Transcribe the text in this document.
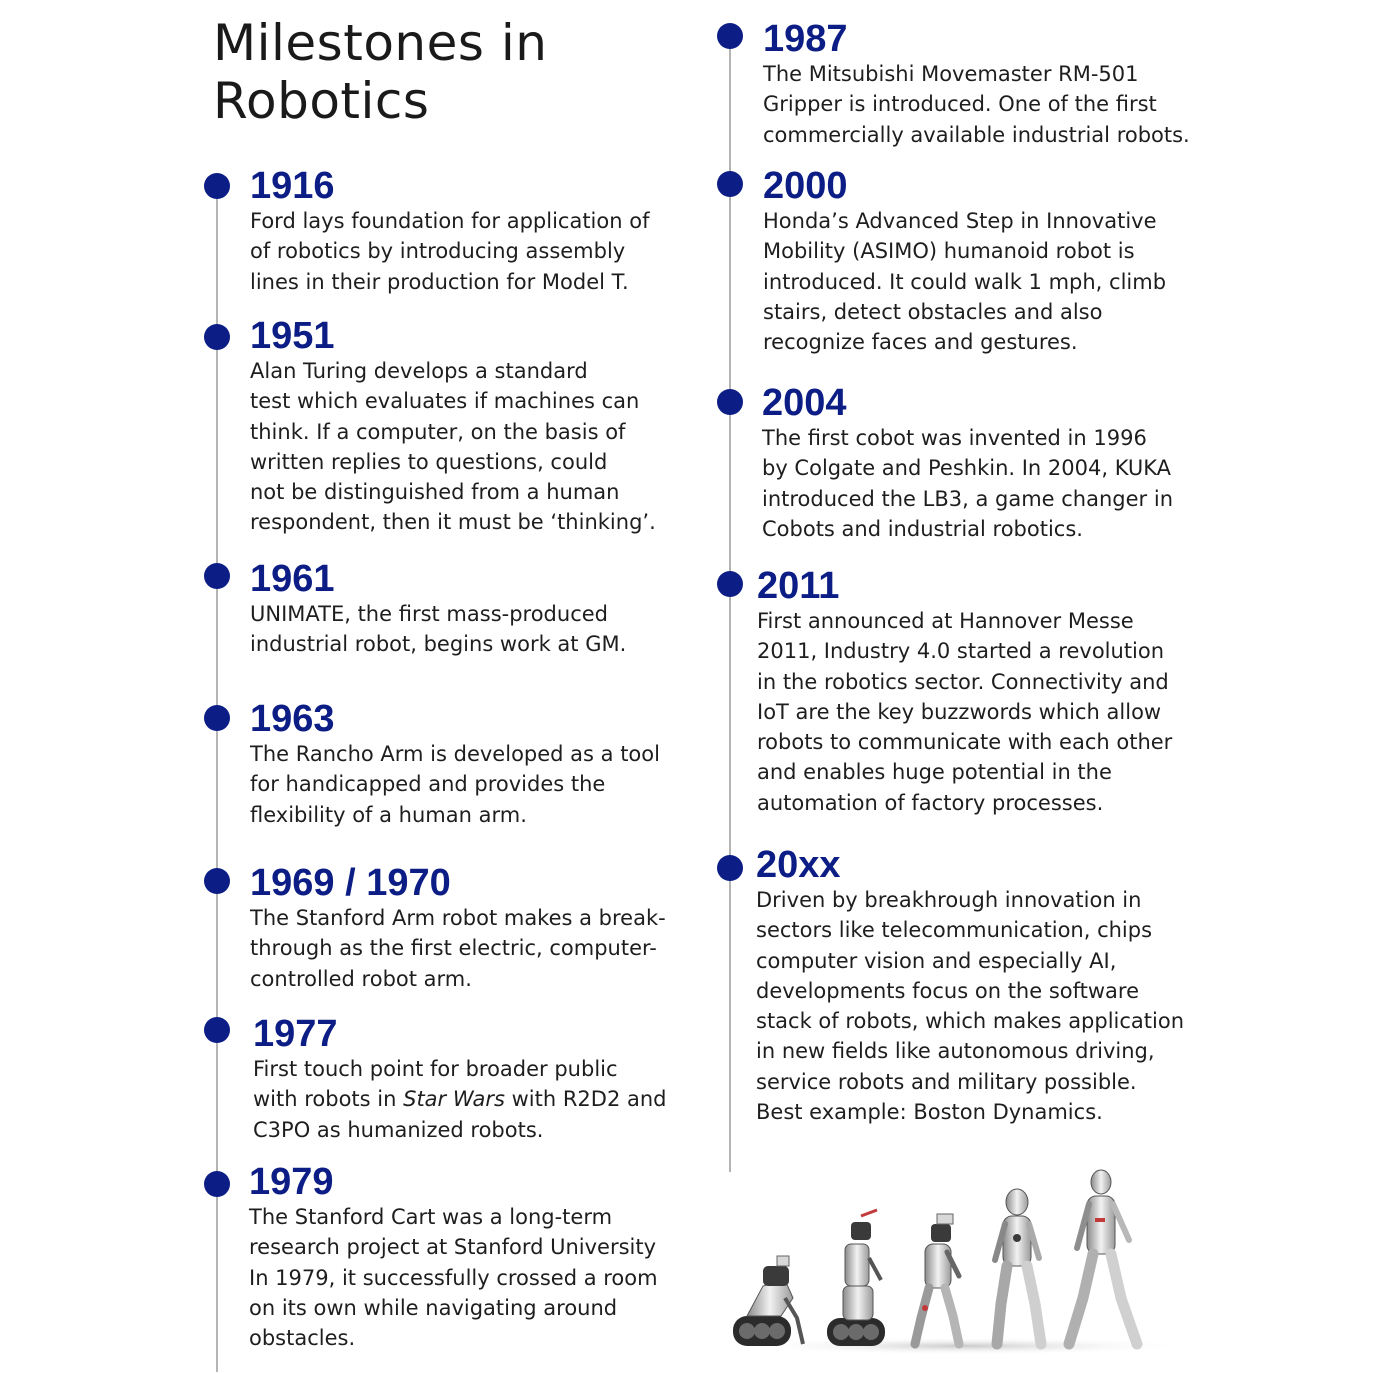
Milestones in
Robotics
1916
Ford lays foundation for application of
of robotics by introducing assembly
lines in their production for Model T.
1951
Alan Turing develops a standard
test which evaluates if machines can
think. If a computer, on the basis of
written replies to questions, could
not be distinguished from a human
respondent, then it must be ‘thinking’.
1961
UNIMATE, the first mass-produced
industrial robot, begins work at GM.
1963
The Rancho Arm is developed as a tool
for handicapped and provides the
flexibility of a human arm.
1969 / 1970
The Stanford Arm robot makes a break-
through as the first electric, computer-
controlled robot arm.
1977
First touch point for broader public
with robots in Star Wars with R2D2 and
C3PO as humanized robots.
1979
The Stanford Cart was a long-term
research project at Stanford University
In 1979, it successfully crossed a room
on its own while navigating around
obstacles.
1987
The Mitsubishi Movemaster RM-501
Gripper is introduced. One of the first
commercially available industrial robots.
2000
Honda’s Advanced Step in Innovative
Mobility (ASIMO) humanoid robot is
introduced. It could walk 1 mph, climb
stairs, detect obstacles and also
recognize faces and gestures.
2004
The first cobot was invented in 1996
by Colgate and Peshkin. In 2004, KUKA
introduced the LB3, a game changer in
Cobots and industrial robotics.
2011
First announced at Hannover Messe
2011, Industry 4.0 started a revolution
in the robotics sector. Connectivity and
IoT are the key buzzwords which allow
robots to communicate with each other
and enables huge potential in the
automation of factory processes.
20xx
Driven by breakhrough innovation in
sectors like telecommunication, chips
computer vision and especially AI,
developments focus on the software
stack of robots, which makes application
in new fields like autonomous driving,
service robots and military possible.
Best example: Boston Dynamics.
